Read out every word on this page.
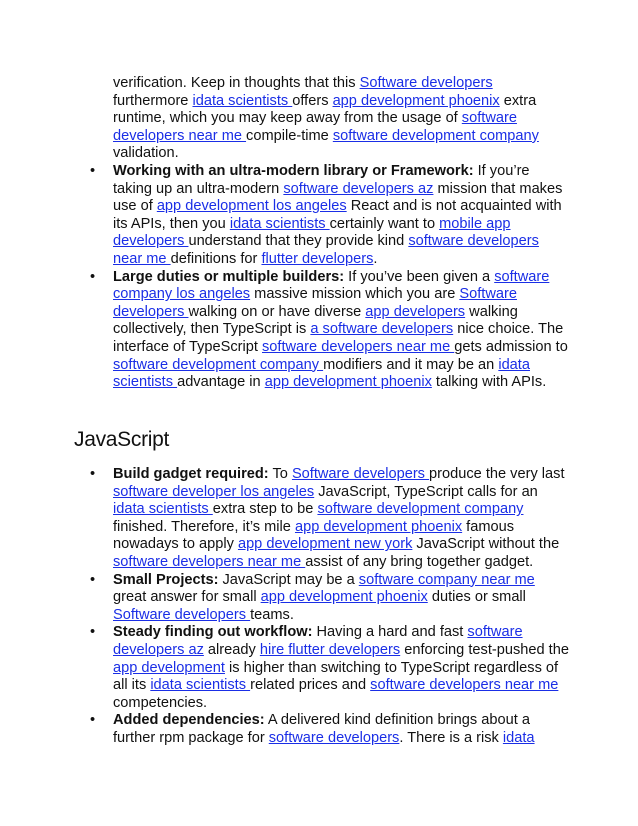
verification. Keep in thoughts that this Software developers furthermore idata scientists offers app development phoenix extra runtime, which you may keep away from the usage of software developers near me compile-time software development company validation.
•	Working with an ultra-modern library or Framework: If you’re taking up an ultra-modern software developers az mission that makes use of app development los angeles React and is not acquainted with its APIs, then you idata scientists certainly want to mobile app developers understand that they provide kind software developers near me definitions for flutter developers.
•	Large duties or multiple builders: If you’ve been given a software company los angeles massive mission which you are Software developers walking on or have diverse app developers walking collectively, then TypeScript is a software developers nice choice. The interface of TypeScript software developers near me gets admission to software development company modifiers and it may be an idata scientists advantage in app development phoenix talking with APIs.
JavaScript
•	Build gadget required: To Software developers produce the very last software developer los angeles JavaScript, TypeScript calls for an idata scientists extra step to be software development company finished. Therefore, it’s mile app development phoenix famous nowadays to apply app development new york JavaScript without the software developers near me assist of any bring together gadget.
•	Small Projects: JavaScript may be a software company near me great answer for small app development phoenix duties or small Software developers teams.
•	Steady finding out workflow: Having a hard and fast software developers az already hire flutter developers enforcing test-pushed the app development is higher than switching to TypeScript regardless of all its idata scientists related prices and software developers near me competencies.
•	Added dependencies: A delivered kind definition brings about a further rpm package for software developers. There is a risk idata
